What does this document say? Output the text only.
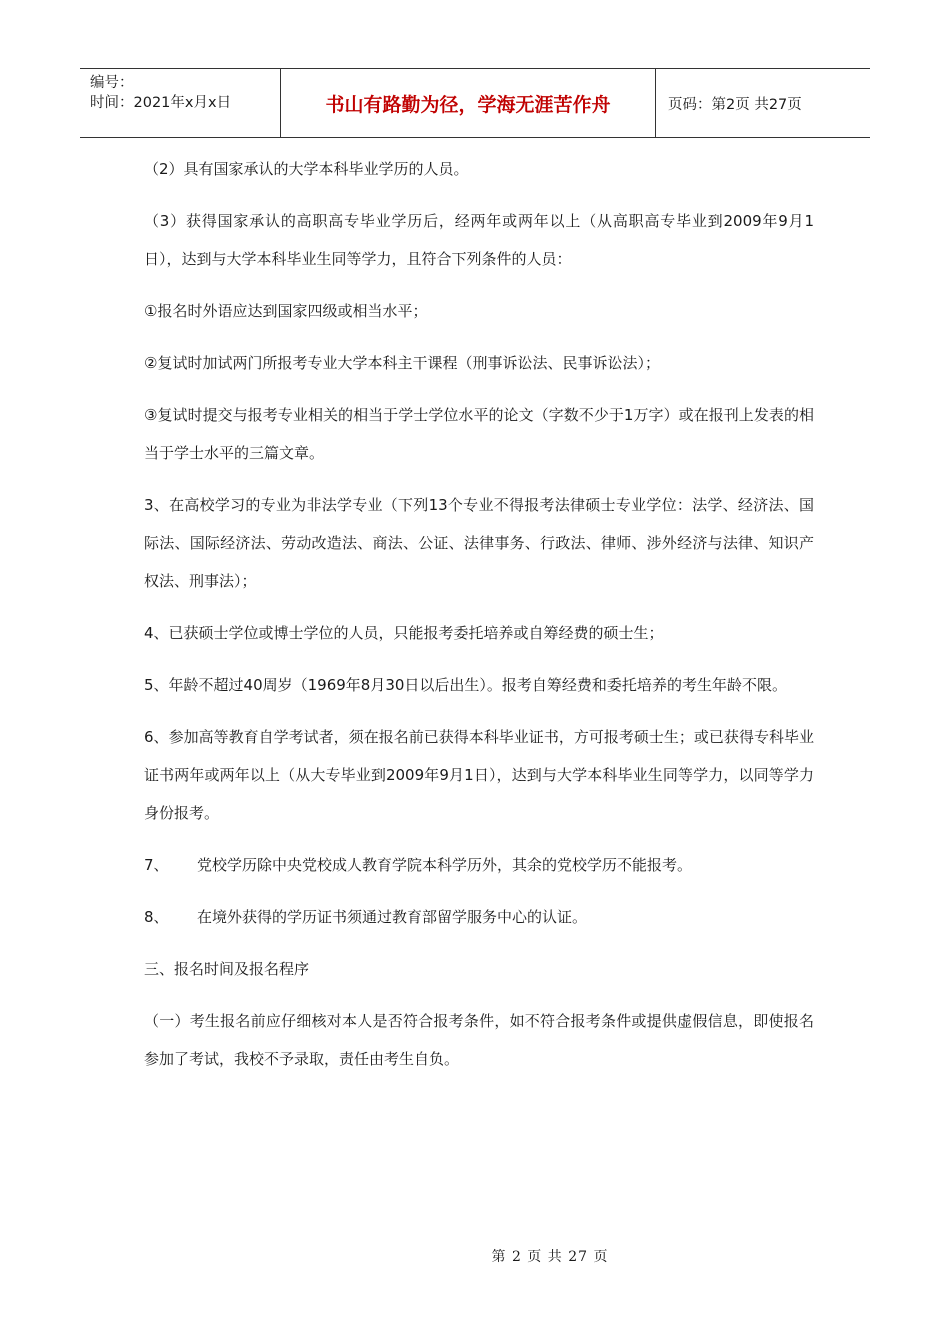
编号：
时间：2021年x月x日	书山有路勤为径，学海无涯苦作舟	页码：第2页 共27页

（2）具有国家承认的大学本科毕业学历的人员。

（3）获得国家承认的高职高专毕业学历后，经两年或两年以上（从高职高专毕业到2009年9月1日），达到与大学本科毕业生同等学力，且符合下列条件的人员：

①报名时外语应达到国家四级或相当水平；

②复试时加试两门所报考专业大学本科主干课程（刑事诉讼法、民事诉讼法）；

③复试时提交与报考专业相关的相当于学士学位水平的论文（字数不少于1万字）或在报刊上发表的相当于学士水平的三篇文章。

3、在高校学习的专业为非法学专业（下列13个专业不得报考法律硕士专业学位：法学、经济法、国际法、国际经济法、劳动改造法、商法、公证、法律事务、行政法、律师、涉外经济与法律、知识产权法、刑事法）；

4、已获硕士学位或博士学位的人员，只能报考委托培养或自筹经费的硕士生；

5、年龄不超过40周岁（1969年8月30日以后出生）。报考自筹经费和委托培养的考生年龄不限。

6、参加高等教育自学考试者，须在报名前已获得本科毕业证书，方可报考硕士生；或已获得专科毕业证书两年或两年以上（从大专毕业到2009年9月1日），达到与大学本科毕业生同等学力，以同等学力身份报考。

7、	党校学历除中央党校成人教育学院本科学历外，其余的党校学历不能报考。

8、	在境外获得的学历证书须通过教育部留学服务中心的认证。

三、报名时间及报名程序

（一）考生报名前应仔细核对本人是否符合报考条件，如不符合报考条件或提供虚假信息，即使报名参加了考试，我校不予录取，责任由考生自负。

第 2 页 共 27 页
